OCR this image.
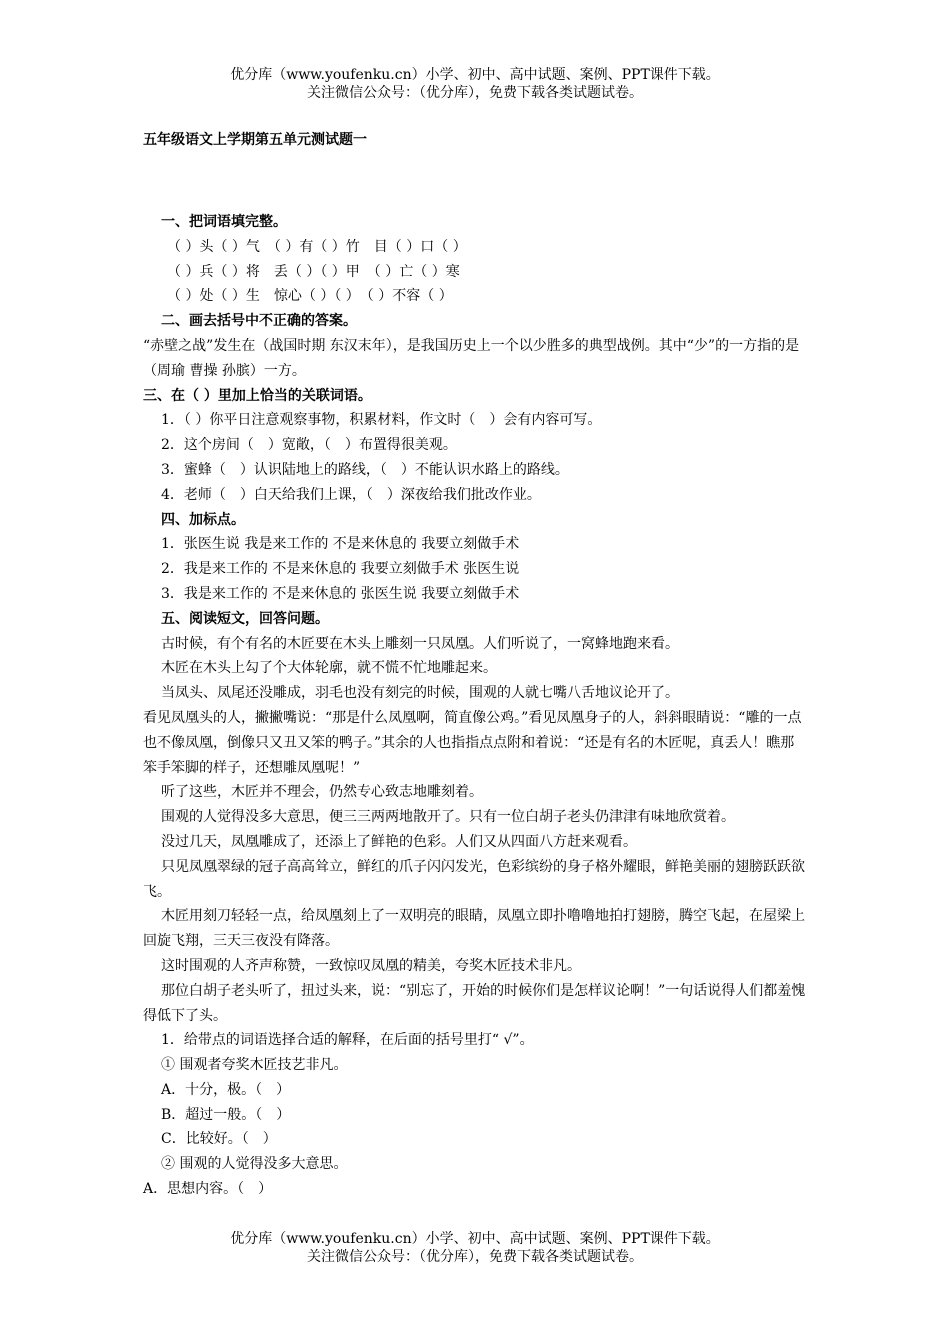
优分库（www.youfenku.cn）小学、初中、高中试题、案例、PPT课件下载。
关注微信公众号：（优分库），免费下载各类试题试卷。
五年级语文上学期第五单元测试题一
一、把词语填完整。
（ ）头（ ）气　（ ）有（ ）竹　目（ ）口（ ）
（ ）兵（ ）将　丢（ ）（ ）甲　（ ）亡（ ）寒
（ ）处（ ）生　惊心（ ）（ ）　（ ）不容（ ）
二、画去括号中不正确的答案。
“赤壁之战”发生在（战国时期 东汉末年），是我国历史上一个以少胜多的典型战例。其中“少”的一方指的是（周瑜 曹操 孙膑）一方。
三、在（ ）里加上恰当的关联词语。
1．（ ）你平日注意观察事物，积累材料，作文时（　）会有内容可写。
2．这个房间（　）宽敞，（　）布置得很美观。
3．蜜蜂（　）认识陆地上的路线，（　）不能认识水路上的路线。
4．老师（　）白天给我们上课，（　）深夜给我们批改作业。
四、加标点。
1．张医生说 我是来工作的 不是来休息的 我要立刻做手术
2．我是来工作的 不是来休息的 我要立刻做手术 张医生说
3．我是来工作的 不是来休息的 张医生说 我要立刻做手术
五、阅读短文，回答问题。
古时候，有个有名的木匠要在木头上雕刻一只凤凰。人们听说了，一窝蜂地跑来看。
木匠在木头上勾了个大体轮廓，就不慌不忙地雕起来。
当凤头、凤尾还没雕成，羽毛也没有刻完的时候，围观的人就七嘴八舌地议论开了。
看见凤凰头的人，撇撇嘴说：“那是什么凤凰啊，简直像公鸡。”看见凤凰身子的人，斜斜眼睛说：“雕的一点也不像凤凰，倒像只又丑又笨的鸭子。”其余的人也指指点点附和着说：“还是有名的木匠呢，真丢人！瞧那笨手笨脚的样子，还想雕凤凰呢！”
听了这些，木匠并不理会，仍然专心致志地雕刻着。
围观的人觉得没多大意思，便三三两两地散开了。只有一位白胡子老头仍津津有味地欣赏着。
没过几天，凤凰雕成了，还添上了鲜艳的色彩。人们又从四面八方赶来观看。
只见凤凰翠绿的冠子高高耸立，鲜红的爪子闪闪发光，色彩缤纷的身子格外耀眼，鲜艳美丽的翅膀跃跃欲飞。
木匠用刻刀轻轻一点，给凤凰刻上了一双明亮的眼睛，凤凰立即扑噜噜地拍打翅膀，腾空飞起，在屋梁上回旋飞翔，三天三夜没有降落。
这时围观的人齐声称赞，一致惊叹凤凰的精美，夸奖木匠技术非凡。
那位白胡子老头听了，扭过头来，说：“别忘了，开始的时候你们是怎样议论啊！”一句话说得人们都羞愧得低下了头。
1．给带点的词语选择合适的解释，在后面的括号里打“ √”。
① 围观者夸奖木匠技艺非凡。
A．十分，极。（　）
B．超过一般。（　）
C．比较好。（　）
② 围观的人觉得没多大意思。
A．思想内容。（　）
优分库（www.youfenku.cn）小学、初中、高中试题、案例、PPT课件下载。
关注微信公众号：（优分库），免费下载各类试题试卷。
